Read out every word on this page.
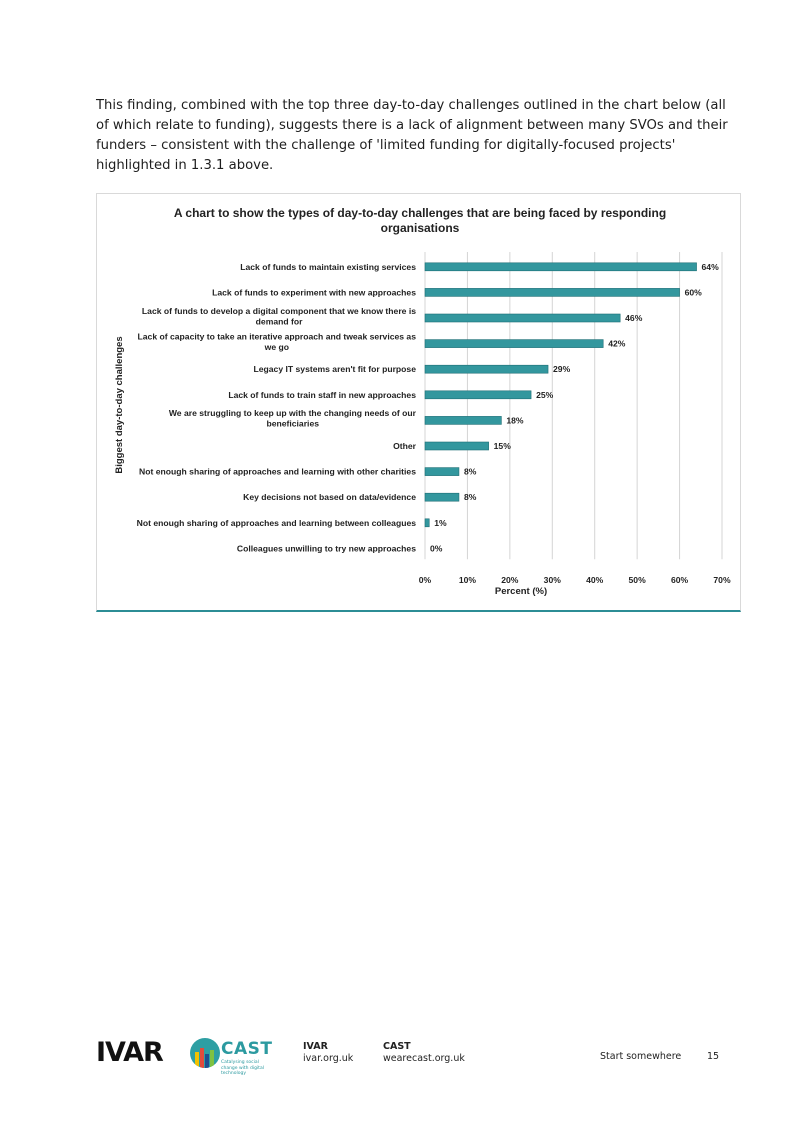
This finding, combined with the top three day-to-day challenges outlined in the chart below (all of which relate to funding), suggests there is a lack of alignment between many SVOs and their funders – consistent with the challenge of 'limited funding for digitally-focused projects' highlighted in 1.3.1 above.

A chart to show the types of day-to-day challenges that are being faced by responding
organisations
Lack of funds to maintain existing services
Lack of funds to experiment with new approaches
Lack of funds to develop a digital component that we know there is
demand for
Lack of capacity to take an iterative approach and tweak services as
we go
Legacy IT systems aren't fit for purpose
Lack of funds to train staff in new approaches
We are struggling to keep up with the changing needs of our
beneficiaries
Other
Not enough sharing of approaches and learning with other charities
Key decisions not based on data/evidence
Not enough sharing of approaches and learning between colleagues
Colleagues unwilling to try new approaches
64%
60%
46%
42%
29%
25%
18%
15%
8%
8%
1%
0%
0%	10%	20%	30%	40%	50%	60%	70%
Percent (%)
Biggest day-to-day challenges
IVAR	CAST
Catalysing social change with digital technology
IVAR
ivar.org.uk
CAST
wearecast.org.uk	Start somewhere	15
